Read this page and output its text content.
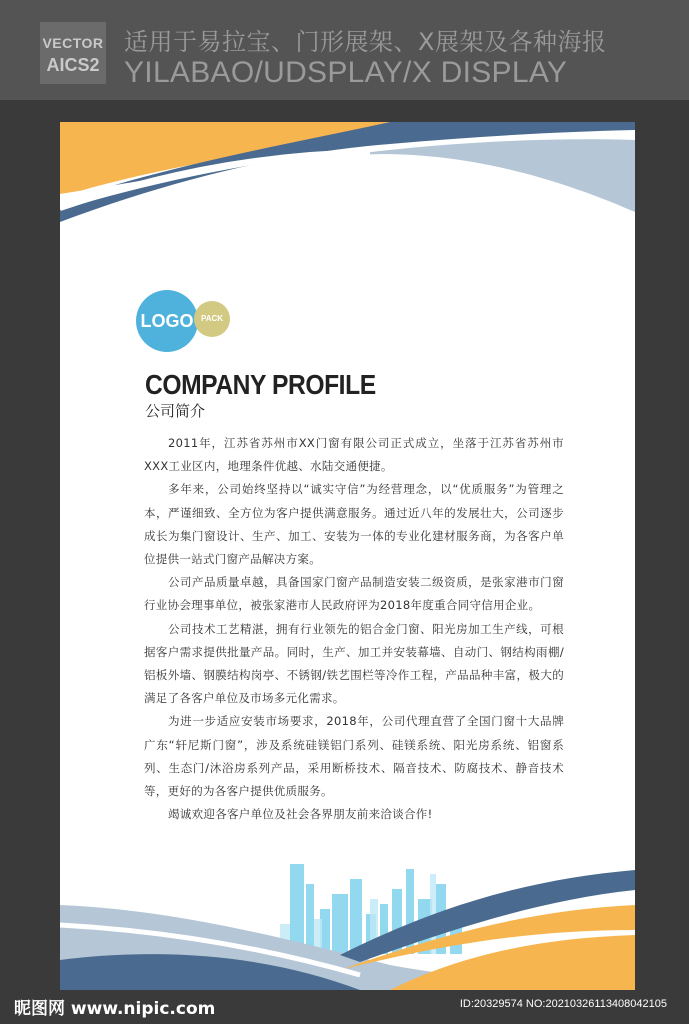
VECTOR
AICS2
适用于易拉宝、门形展架、X展架及各种海报
YILABAO/UDSPLAY/X DISPLAY
LOGO PACK
COMPANY PROFILE
公司简介

2011年，江苏省苏州市XX门窗有限公司正式成立，坐落于江苏省苏州市XXX工业区内，地理条件优越、水陆交通便捷。

多年来，公司始终坚持以“诚实守信”为经营理念，以“优质服务”为管理之本，严谨细致、全方位为客户提供满意服务。通过近八年的发展壮大，公司逐步成长为集门窗设计、生产、加工、安装为一体的专业化建材服务商，为各客户单位提供一站式门窗产品解决方案。

公司产品质量卓越，具备国家门窗产品制造安装二级资质，是张家港市门窗行业协会理事单位，被张家港市人民政府评为2018年度重合同守信用企业。

公司技术工艺精湛，拥有行业领先的铝合金门窗、阳光房加工生产线，可根据客户需求提供批量产品。同时，生产、加工并安装幕墙、自动门、钢结构雨棚/铝板外墙、钢膜结构岗亭、不锈钢/铁艺围栏等冷作工程，产品品种丰富，极大的满足了各客户单位及市场多元化需求。

为进一步适应安装市场要求，2018年，公司代理直营了全国门窗十大品牌广东“轩尼斯门窗”，涉及系统硅镁铝门系列、硅镁系统、阳光房系统、铝窗系列、生态门/沐浴房系列产品，采用断桥技术、隔音技术、防腐技术、静音技术等，更好的为各客户提供优质服务。

竭诚欢迎各客户单位及社会各界朋友前来洽谈合作!

昵图网 www.nipic.com	ID:20329574 NO:20210326113408042105
